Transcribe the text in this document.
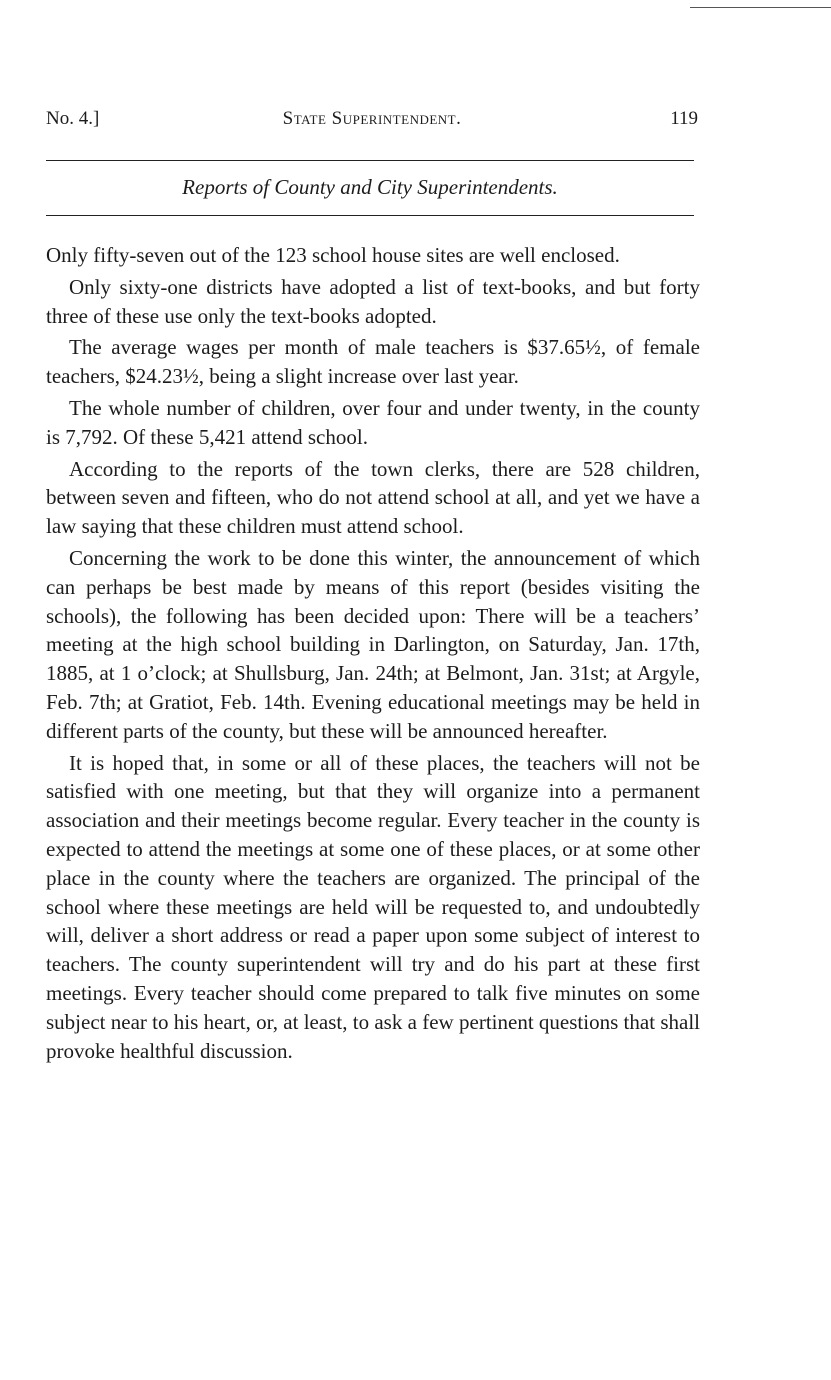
No. 4.]	State Superintendent.	119
Reports of County and City Superintendents.

Only fifty-seven out of the 123 school house sites are well enclosed.

Only sixty-one districts have adopted a list of text-books, and but forty three of these use only the text-books adopted.

The average wages per month of male teachers is $37.65½, of female teachers, $24.23½, being a slight increase over last year.

The whole number of children, over four and under twenty, in the county is 7,792. Of these 5,421 attend school.

According to the reports of the town clerks, there are 528 children, between seven and fifteen, who do not attend school at all, and yet we have a law saying that these children must attend school.

Concerning the work to be done this winter, the announcement of which can perhaps be best made by means of this report (besides visiting the schools), the following has been decided upon: There will be a teachers’ meeting at the high school building in Darlington, on Saturday, Jan. 17th, 1885, at 1 o’clock; at Shullsburg, Jan. 24th; at Belmont, Jan. 31st; at Argyle, Feb. 7th; at Gratiot, Feb. 14th. Evening educational meetings may be held in different parts of the county, but these will be announced hereafter.

It is hoped that, in some or all of these places, the teachers will not be satisfied with one meeting, but that they will organize into a permanent association and their meetings become regular. Every teacher in the county is expected to attend the meetings at some one of these places, or at some other place in the county where the teachers are organized. The principal of the school where these meetings are held will be requested to, and undoubtedly will, deliver a short address or read a paper upon some subject of interest to teachers. The county superintendent will try and do his part at these first meetings. Every teacher should come prepared to talk five minutes on some subject near to his heart, or, at least, to ask a few pertinent questions that shall provoke healthful discussion.
